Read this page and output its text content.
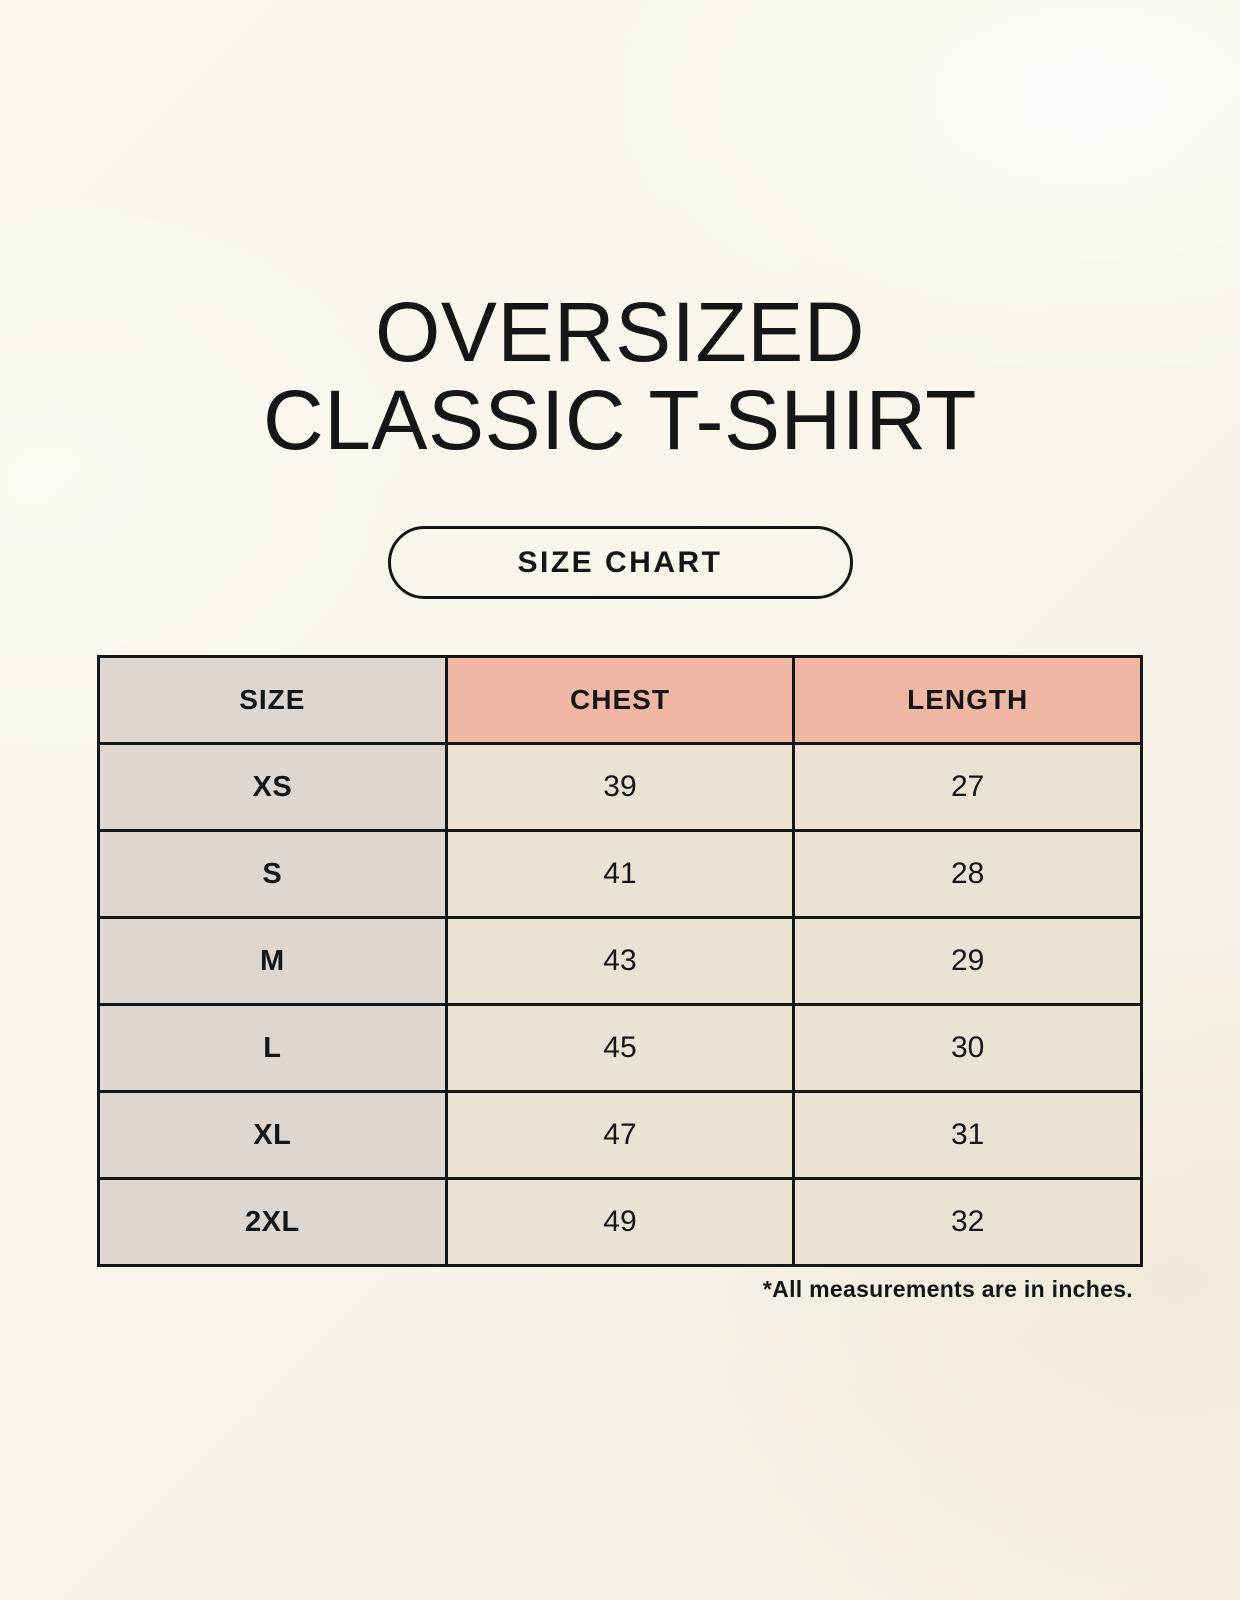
OVERSIZED
CLASSIC T-SHIRT
SIZE CHART
SIZE	CHEST	LENGTH
XS	39	27
S	41	28
M	43	29
L	45	30
XL	47	31
2XL	49	32

*All measurements are in inches.
